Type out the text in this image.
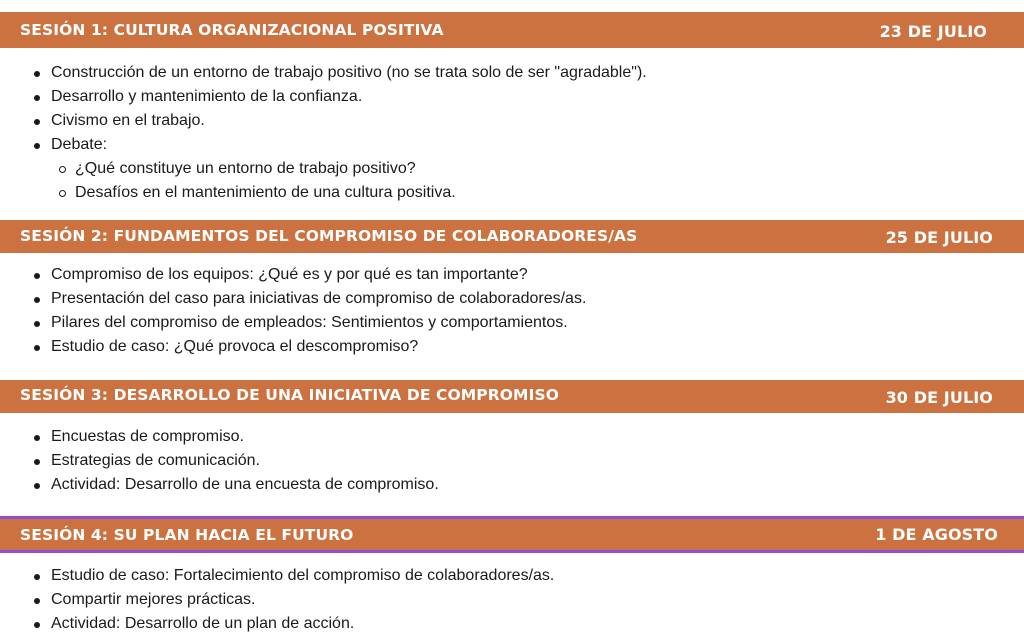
SESIÓN 1: CULTURA ORGANIZACIONAL POSITIVA	23 DE JULIO
Construcción de un entorno de trabajo positivo (no se trata solo de ser "agradable").
Desarrollo y mantenimiento de la confianza.
Civismo en el trabajo.
Debate:
¿Qué constituye un entorno de trabajo positivo?
Desafíos en el mantenimiento de una cultura positiva.
SESIÓN 2: FUNDAMENTOS DEL COMPROMISO DE COLABORADORES/AS	25 DE JULIO
Compromiso de los equipos: ¿Qué es y por qué es tan importante?
Presentación del caso para iniciativas de compromiso de colaboradores/as.
Pilares del compromiso de empleados: Sentimientos y comportamientos.
Estudio de caso: ¿Qué provoca el descompromiso?
SESIÓN 3: DESARROLLO DE UNA INICIATIVA DE COMPROMISO	30 DE JULIO
Encuestas de compromiso.
Estrategias de comunicación.
Actividad: Desarrollo de una encuesta de compromiso.
SESIÓN 4: SU PLAN HACIA EL FUTURO	1 DE AGOSTO
Estudio de caso: Fortalecimiento del compromiso de colaboradores/as.
Compartir mejores prácticas.
Actividad: Desarrollo de un plan de acción.
